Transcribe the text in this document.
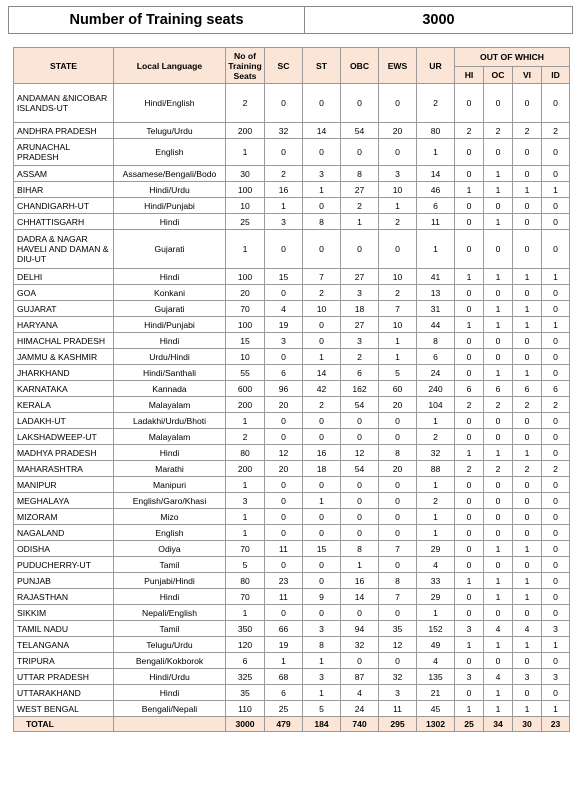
Number of Training seats	3000
STATE	Local Language	No of Training Seats	SC	ST	OBC	EWS	UR	OUT OF WHICH			
								HI	OC	VI	ID
ANDAMAN &NICOBAR ISLANDS-UT	Hindi/English	2	0	0	0	0	2	0	0	0	0
ANDHRA PRADESH	Telugu/Urdu	200	32	14	54	20	80	2	2	2	2
ARUNACHAL PRADESH	English	1	0	0	0	0	1	0	0	0	0
ASSAM	Assamese/Bengali/Bodo	30	2	3	8	3	14	0	1	0	0
BIHAR	Hindi/Urdu	100	16	1	27	10	46	1	1	1	1
CHANDIGARH-UT	Hindi/Punjabi	10	1	0	2	1	6	0	0	0	0
CHHATTISGARH	Hindi	25	3	8	1	2	11	0	1	0	0
DADRA & NAGAR HAVELI AND DAMAN & DIU-UT	Gujarati	1	0	0	0	0	1	0	0	0	0
DELHI	Hindi	100	15	7	27	10	41	1	1	1	1
GOA	Konkani	20	0	2	3	2	13	0	0	0	0
GUJARAT	Gujarati	70	4	10	18	7	31	0	1	1	0
HARYANA	Hindi/Punjabi	100	19	0	27	10	44	1	1	1	1
HIMACHAL PRADESH	Hindi	15	3	0	3	1	8	0	0	0	0
JAMMU & KASHMIR	Urdu/Hindi	10	0	1	2	1	6	0	0	0	0
JHARKHAND	Hindi/Santhali	55	6	14	6	5	24	0	1	1	0
KARNATAKA	Kannada	600	96	42	162	60	240	6	6	6	6
KERALA	Malayalam	200	20	2	54	20	104	2	2	2	2
LADAKH-UT	Ladakhi/Urdu/Bhoti	1	0	0	0	0	1	0	0	0	0
LAKSHADWEEP-UT	Malayalam	2	0	0	0	0	2	0	0	0	0
MADHYA PRADESH	Hindi	80	12	16	12	8	32	1	1	1	0
MAHARASHTRA	Marathi	200	20	18	54	20	88	2	2	2	2
MANIPUR	Manipuri	1	0	0	0	0	1	0	0	0	0
MEGHALAYA	English/Garo/Khasi	3	0	1	0	0	2	0	0	0	0
MIZORAM	Mizo	1	0	0	0	0	1	0	0	0	0
NAGALAND	English	1	0	0	0	0	1	0	0	0	0
ODISHA	Odiya	70	11	15	8	7	29	0	1	1	0
PUDUCHERRY-UT	Tamil	5	0	0	1	0	4	0	0	0	0
PUNJAB	Punjabi/Hindi	80	23	0	16	8	33	1	1	1	0
RAJASTHAN	Hindi	70	11	9	14	7	29	0	1	1	0
SIKKIM	Nepali/English	1	0	0	0	0	1	0	0	0	0
TAMIL NADU	Tamil	350	66	3	94	35	152	3	4	4	3
TELANGANA	Telugu/Urdu	120	19	8	32	12	49	1	1	1	1
TRIPURA	Bengali/Kokborok	6	1	1	0	0	4	0	0	0	0
UTTAR PRADESH	Hindi/Urdu	325	68	3	87	32	135	3	4	3	3
UTTARAKHAND	Hindi	35	6	1	4	3	21	0	1	0	0
WEST BENGAL	Bengali/Nepali	110	25	5	24	11	45	1	1	1	1
TOTAL		3000	479	184	740	295	1302	25	34	30	23
